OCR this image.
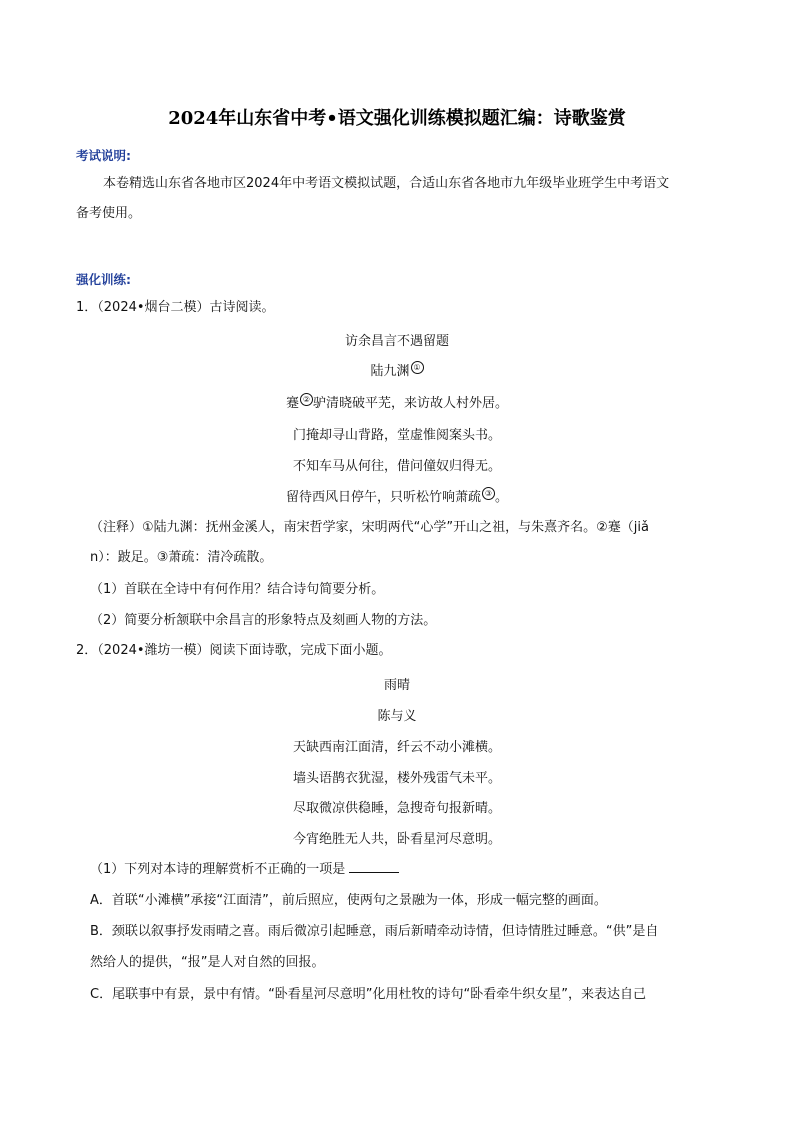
2024年山东省中考•语文强化训练模拟题汇编：诗歌鉴赏
考试说明:
本卷精选山东省各地市区2024年中考语文模拟试题，合适山东省各地市九年级毕业班学生中考语文
备考使用。
强化训练:
1．（2024•烟台二模）古诗阅读。
访余昌言不遇留题
陆九渊 ①
蹇 ② 驴清晓破平芜，来访故人村外居。
门掩却寻山背路，堂虚惟阅案头书。
不知车马从何往，借问僮奴归得无。
留待西风日停午，只听松竹响萧疏 ③ 。
（注释）①陆九渊：抚州金溪人，南宋哲学家，宋明两代“心学”开山之祖，与朱熹齐名。②蹇（jiǎ
n）：跛足。③萧疏：清冷疏散。
（1）首联在全诗中有何作用？结合诗句简要分析。
（2）简要分析颔联中余昌言的形象特点及刻画人物的方法。
2．（2024•潍坊一模）阅读下面诗歌，完成下面小题。
雨晴
陈与义
天缺西南江面清，纤云不动小滩横。
墙头语鹊衣犹湿，楼外残雷气未平。
尽取微凉供稳睡，急搜奇句报新晴。
今宵绝胜无人共，卧看星河尽意明。
（1）下列对本诗的理解赏析不正确的一项是
A．首联“小滩横”承接“江面清”，前后照应，使两句之景融为一体，形成一幅完整的画面。
B．颈联以叙事抒发雨晴之喜。雨后微凉引起睡意，雨后新晴牵动诗情，但诗情胜过睡意。“供”是自
然给人的提供，“报”是人对自然的回报。
C．尾联事中有景，景中有情。“卧看星河尽意明”化用杜牧的诗句“卧看牵牛织女星”，来表达自己
